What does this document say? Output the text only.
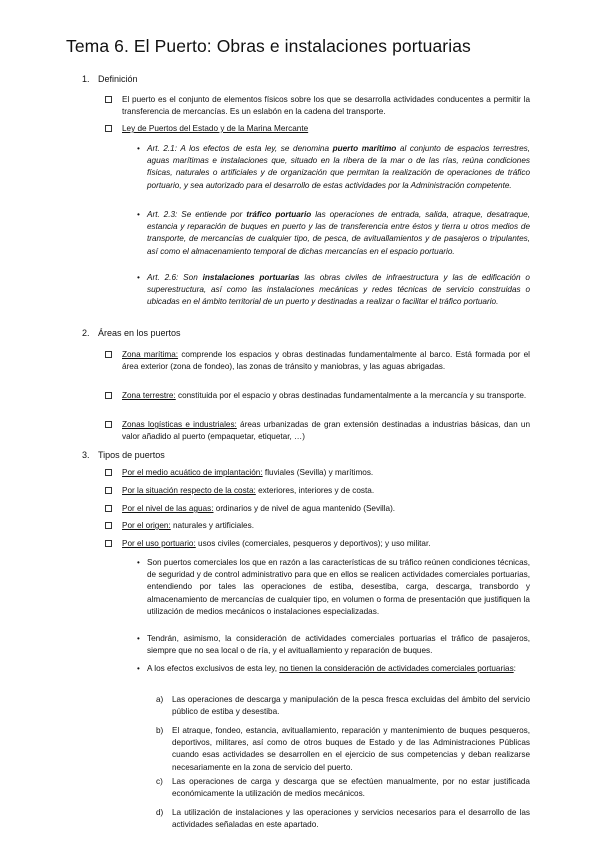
Tema 6. El Puerto: Obras e instalaciones portuarias
1. Definición

El puerto es el conjunto de elementos físicos sobre los que se desarrolla actividades conducentes a permitir la transferencia de mercancías. Es un eslabón en la cadena del transporte.

Ley de Puertos del Estado y de la Marina Mercante

• Art. 2.1: A los efectos de esta ley, se denomina puerto marítimo al conjunto de espacios terrestres, aguas marítimas e instalaciones que, situado en la ribera de la mar o de las rías, reúna condiciones físicas, naturales o artificiales y de organización que permitan la realización de operaciones de tráfico portuario, y sea autorizado para el desarrollo de estas actividades por la Administración competente.

• Art. 2.3: Se entiende por tráfico portuario las operaciones de entrada, salida, atraque, desatraque, estancia y reparación de buques en puerto y las de transferencia entre éstos y tierra u otros medios de transporte, de mercancías de cualquier tipo, de pesca, de avituallamientos y de pasajeros o tripulantes, así como el almacenamiento temporal de dichas mercancías en el espacio portuario.

• Art. 2.6: Son instalaciones portuarias las obras civiles de infraestructura y las de edificación o superestructura, así como las instalaciones mecánicas y redes técnicas de servicio construidas o ubicadas en el ámbito territorial de un puerto y destinadas a realizar o facilitar el tráfico portuario.

2. Áreas en los puertos

Zona marítima: comprende los espacios y obras destinadas fundamentalmente al barco. Está formada por el área exterior (zona de fondeo), las zonas de tránsito y maniobras, y las aguas abrigadas.

Zona terrestre: constituida por el espacio y obras destinadas fundamentalmente a la mercancía y su transporte.

Zonas logísticas e industriales: áreas urbanizadas de gran extensión destinadas a industrias básicas, dan un valor añadido al puerto (empaquetar, etiquetar, …)

3. Tipos de puertos

Por el medio acuático de implantación: fluviales (Sevilla) y marítimos.

Por la situación respecto de la costa: exteriores, interiores y de costa.

Por el nivel de las aguas: ordinarios y de nivel de agua mantenido (Sevilla).

Por el origen: naturales y artificiales.

Por el uso portuario: usos civiles (comerciales, pesqueros y deportivos); y uso militar.

• Son puertos comerciales los que en razón a las características de su tráfico reúnen condiciones técnicas, de seguridad y de control administrativo para que en ellos se realicen actividades comerciales portuarias, entendiendo por tales las operaciones de estiba, desestiba, carga, descarga, transbordo y almacenamiento de mercancías de cualquier tipo, en volumen o forma de presentación que justifiquen la utilización de medios mecánicos o instalaciones especializadas.

• Tendrán, asimismo, la consideración de actividades comerciales portuarias el tráfico de pasajeros, siempre que no sea local o de ría, y el avituallamiento y reparación de buques.

• A los efectos exclusivos de esta ley, no tienen la consideración de actividades comerciales portuarias:

a) Las operaciones de descarga y manipulación de la pesca fresca excluidas del ámbito del servicio público de estiba y desestiba.

b) El atraque, fondeo, estancia, avituallamiento, reparación y mantenimiento de buques pesqueros, deportivos, militares, así como de otros buques de Estado y de las Administraciones Públicas cuando esas actividades se desarrollen en el ejercicio de sus competencias y deban realizarse necesariamente en la zona de servicio del puerto.

c) Las operaciones de carga y descarga que se efectúen manualmente, por no estar justificada económicamente la utilización de medios mecánicos.

d) La utilización de instalaciones y las operaciones y servicios necesarios para el desarrollo de las actividades señaladas en este apartado.
